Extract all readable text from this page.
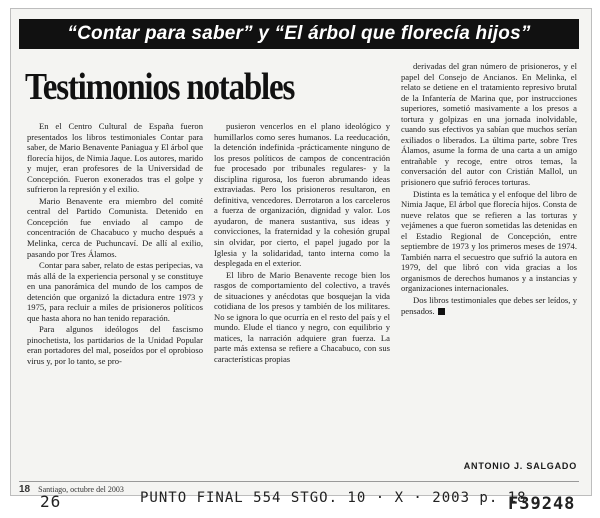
“Contar para saber” y “El árbol que florecía hijos”
Testimonios notables

En el Centro Cultural de España fueron presentados los libros testimoniales Contar para saber, de Mario Benavente Paniagua y El árbol que florecía hijos, de Nimia Jaque. Los autores, marido y mujer, eran profesores de la Universidad de Concepción. Fueron exonerados tras el golpe y sufrieron la represión y el exilio.

Mario Benavente era miembro del comité central del Partido Comunista. Detenido en Concepción fue enviado al campo de concentración de Chacabuco y mucho después a Melinka, cerca de Puchuncaví. De allí al exilio, pasando por Tres Álamos.

Contar para saber, relato de estas peripecias, va más allá de la experiencia personal y se constituye en una panorámica del mundo de los campos de detención que organizó la dictadura entre 1973 y 1975, para recluir a miles de prisioneros políticos que hasta ahora no han tenido reparación.

Para algunos ideólogos del fascismo pinochetista, los partidarios de la Unidad Popular eran portadores del mal, poseídos por el oprobioso virus y, por lo tanto, se pro-

pusieron vencerlos en el plano ideológico y humillarlos como seres humanos. La reeducación, la detención indefinida -prácticamente ninguno de los presos políticos de campos de concentración fue procesado por tribunales regulares- y la disciplina rigurosa, los fueron abrumando ideas extraviadas. Pero los prisioneros resultaron, en definitiva, vencedores. Derrotaron a los carceleros a fuerza de organización, dignidad y valor. Los ayudaron, de manera sustantiva, sus ideas y convicciones, la fraternidad y la cohesión grupal sin olvidar, por cierto, el papel jugado por la Iglesia y la solidaridad, tanto interna como la desplegada en el exterior.

El libro de Mario Benavente recoge bien los rasgos de comportamiento del colectivo, a través de situaciones y anécdotas que bosquejan la vida cotidiana de los presos y también de los militares. No se ignora lo que ocurría en el resto del país y el mundo. Elude el tianco y negro, con equilibrio y matices, la narración adquiere gran fuerza. La parte más extensa se refiere a Chacabuco, con sus características propias

derivadas del gran número de prisioneros, y el papel del Consejo de Ancianos. En Melinka, el relato se detiene en el tratamiento represivo brutal de la Infantería de Marina que, por instrucciones superiores, sometió masivamente a los presos a tortura y golpizas en una jornada inolvidable, cuando sus efectivos ya sabían que muchos serían exiliados o liberados. La última parte, sobre Tres Álamos, asume la forma de una carta a un amigo entrañable y recoge, entre otros temas, la conversación del autor con Cristián Mallol, un prisionero que sufrió feroces torturas.

Distinta es la temática y el enfoque del libro de Nimia Jaque, El árbol que florecía hijos. Consta de nueve relatos que se refieren a las torturas y vejámenes a que fueron sometidas las detenidas en el Estadio Regional de Concepción, entre septiembre de 1973 y los primeros meses de 1974. También narra el secuestro que sufrió la autora en 1979, del que libró con vida gracias a los organismos de derechos humanos y a instancias y organizaciones internacionales.

Dos libros testimoniales que debes ser leídos, y pensados.

ANTONIO J. SALGADO
18 Santiago, octubre del 2003
26	PUNTO FINAL 554 STGO. 10 · X · 2003 p. 18
F39248
